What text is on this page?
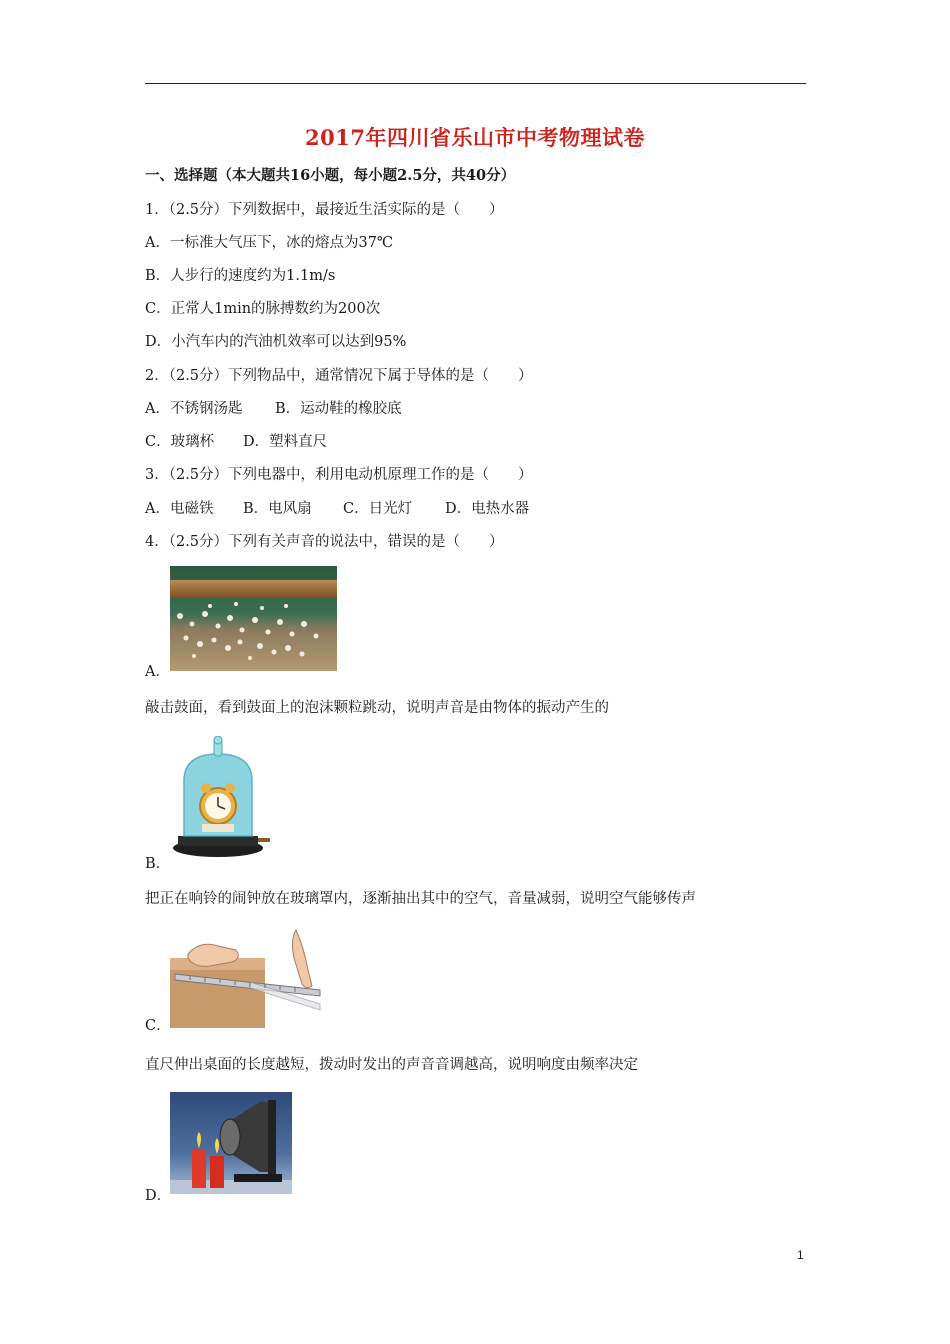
2017年四川省乐山市中考物理试卷
一、选择题（本大题共16小题，每小题2.5分，共40分）
1．（2.5分）下列数据中，最接近生活实际的是（　　）
A．一标准大气压下，冰的熔点为37℃
B．人步行的速度约为1.1m/s
C．正常人1min的脉搏数约为200次
D．小汽车内的汽油机效率可以达到95%
2．（2.5分）下列物品中，通常情况下属于导体的是（　　）
A．不锈钢汤匙 B．运动鞋的橡胶底
C．玻璃杯 D．塑料直尺
3．（2.5分）下列电器中，利用电动机原理工作的是（　　）
A．电磁铁 B．电风扇 C．日光灯 D．电热水器
4．（2.5分）下列有关声音的说法中，错误的是（　　）
A．
敲击鼓面，看到鼓面上的泡沫颗粒跳动，说明声音是由物体的振动产生的
B．
把正在响铃的闹钟放在玻璃罩内，逐渐抽出其中的空气，音量减弱，说明空气能够传声
C．
直尺伸出桌面的长度越短，拨动时发出的声音音调越高，说明响度由频率决定
D．
1
